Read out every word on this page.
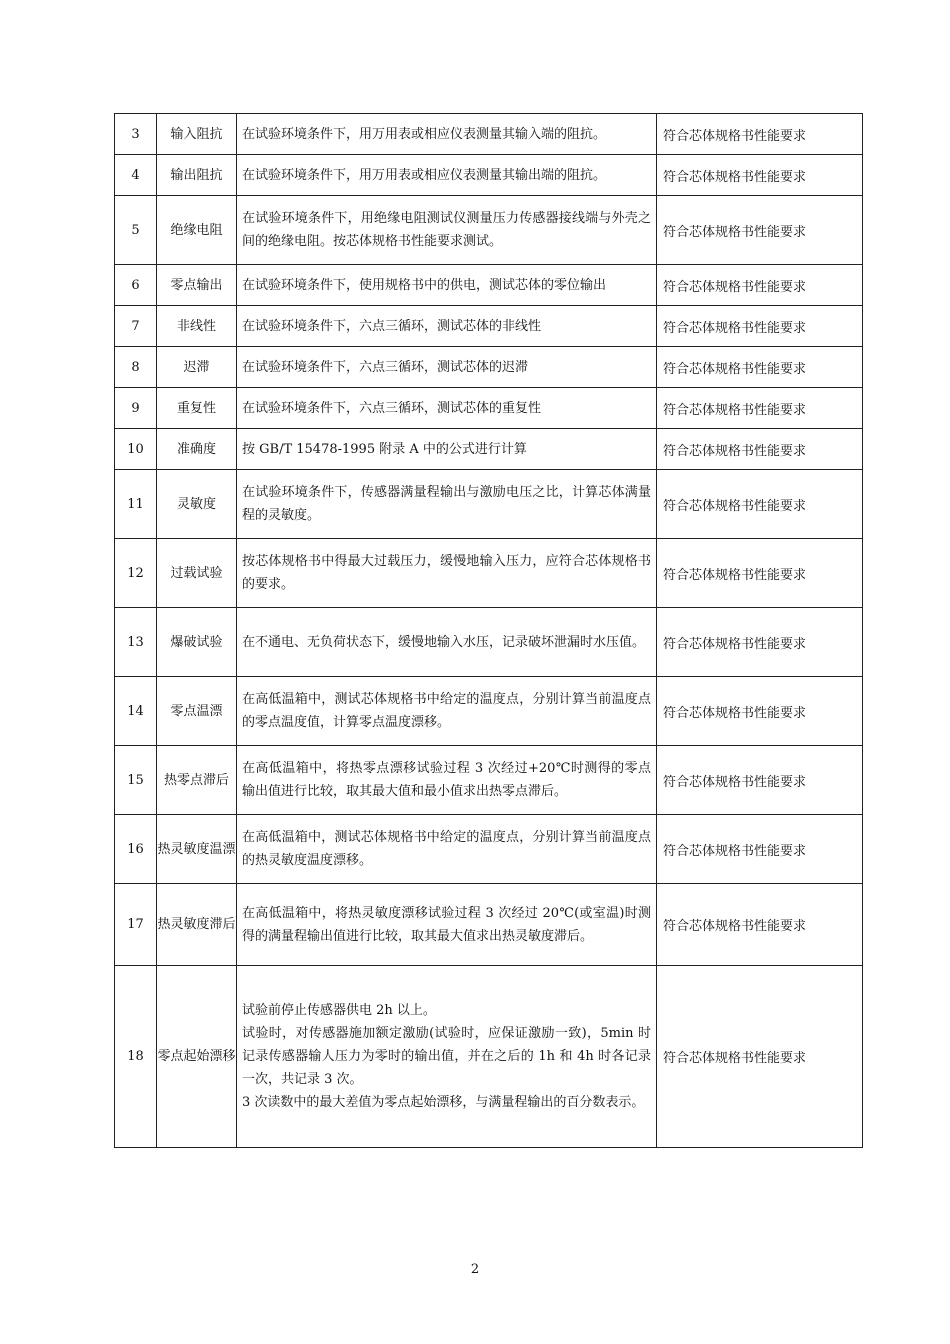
3	输入阻抗	在试验环境条件下，用万用表或相应仪表测量其输入端的阻抗。	符合芯体规格书性能要求
4	输出阻抗	在试验环境条件下，用万用表或相应仪表测量其输出端的阻抗。	符合芯体规格书性能要求
5	绝缘电阻	在试验环境条件下，用绝缘电阻测试仪测量压力传感器接线端与外壳之间的绝缘电阻。按芯体规格书性能要求测试。	符合芯体规格书性能要求
6	零点输出	在试验环境条件下，使用规格书中的供电，测试芯体的零位输出	符合芯体规格书性能要求
7	非线性	在试验环境条件下，六点三循环，测试芯体的非线性	符合芯体规格书性能要求
8	迟滞	在试验环境条件下，六点三循环，测试芯体的迟滞	符合芯体规格书性能要求
9	重复性	在试验环境条件下，六点三循环，测试芯体的重复性	符合芯体规格书性能要求
10	准确度	按 GB/T 15478-1995 附录 A 中的公式进行计算	符合芯体规格书性能要求
11	灵敏度	在试验环境条件下，传感器满量程输出与激励电压之比，计算芯体满量程的灵敏度。	符合芯体规格书性能要求
12	过载试验	按芯体规格书中得最大过载压力，缓慢地输入压力，应符合芯体规格书的要求。	符合芯体规格书性能要求
13	爆破试验	在不通电、无负荷状态下，缓慢地输入水压，记录破坏泄漏时水压值。	符合芯体规格书性能要求
14	零点温漂	在高低温箱中，测试芯体规格书中给定的温度点，分别计算当前温度点的零点温度值，计算零点温度漂移。	符合芯体规格书性能要求
15	热零点滞后	在高低温箱中，将热零点漂移试验过程 3 次经过+20℃时测得的零点输出值进行比较，取其最大值和最小值求出热零点滞后。	符合芯体规格书性能要求
16	热灵敏度温漂	在高低温箱中，测试芯体规格书中给定的温度点，分别计算当前温度点的热灵敏度温度漂移。	符合芯体规格书性能要求
17	热灵敏度滞后	在高低温箱中，将热灵敏度漂移试验过程 3 次经过 20℃(或室温)时测得的满量程输出值进行比较，取其最大值求出热灵敏度滞后。	符合芯体规格书性能要求
18	零点起始漂移	试验前停止传感器供电 2h 以上。
试验时，对传感器施加额定激励(试验时，应保证激励一致)，5min 时记录传感器输人压力为零时的输出值，并在之后的 1h 和 4h 时各记录一次，共记录 3 次。
3 次读数中的最大差值为零点起始漂移，与满量程输出的百分数表示。	符合芯体规格书性能要求
2
